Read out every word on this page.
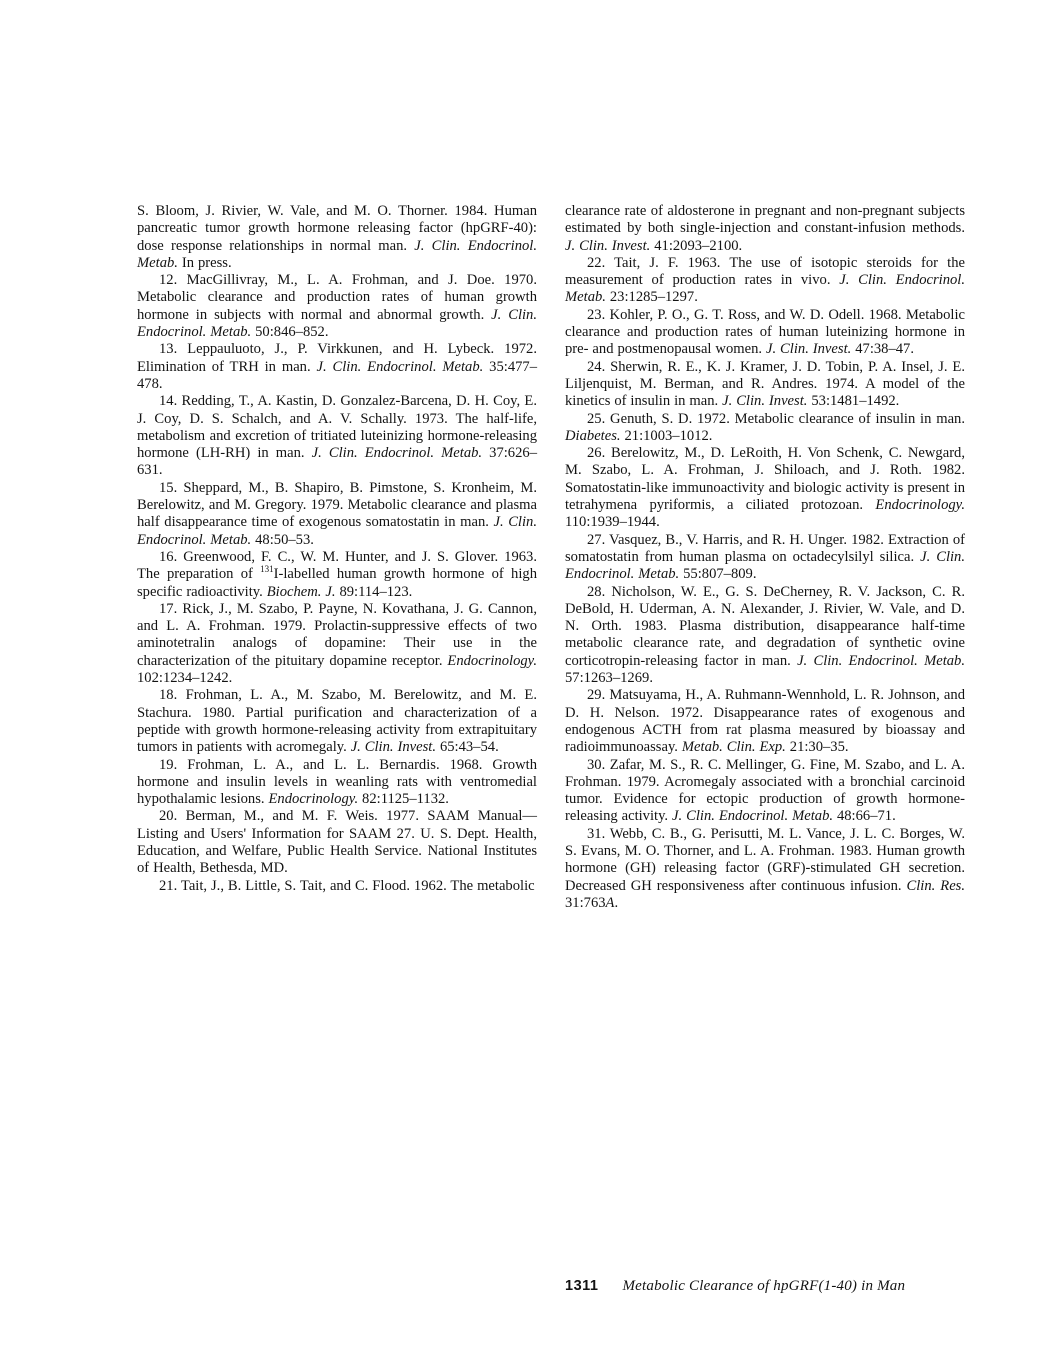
S. Bloom, J. Rivier, W. Vale, and M. O. Thorner. 1984. Human pancreatic tumor growth hormone releasing factor (hpGRF-40): dose response relationships in normal man. J. Clin. Endocrinol. Metab. In press.

12. MacGillivray, M., L. A. Frohman, and J. Doe. 1970. Metabolic clearance and production rates of human growth hormone in subjects with normal and abnormal growth. J. Clin. Endocrinol. Metab. 50:846–852.

13. Leppauluoto, J., P. Virkkunen, and H. Lybeck. 1972. Elimination of TRH in man. J. Clin. Endocrinol. Metab. 35:477–478.

14. Redding, T., A. Kastin, D. Gonzalez-Barcena, D. H. Coy, E. J. Coy, D. S. Schalch, and A. V. Schally. 1973. The half-life, metabolism and excretion of tritiated luteinizing hormone-releasing hormone (LH-RH) in man. J. Clin. Endocrinol. Metab. 37:626–631.

15. Sheppard, M., B. Shapiro, B. Pimstone, S. Kronheim, M. Berelowitz, and M. Gregory. 1979. Metabolic clearance and plasma half disappearance time of exogenous somatostatin in man. J. Clin. Endocrinol. Metab. 48:50–53.

16. Greenwood, F. C., W. M. Hunter, and J. S. Glover. 1963. The preparation of $^{131}$I-labelled human growth hormone of high specific radioactivity. Biochem. J. 89:114–123.

17. Rick, J., M. Szabo, P. Payne, N. Kovathana, J. G. Cannon, and L. A. Frohman. 1979. Prolactin-suppressive effects of two aminotetralin analogs of dopamine: Their use in the characterization of the pituitary dopamine receptor. Endocrinology. 102:1234–1242.

18. Frohman, L. A., M. Szabo, M. Berelowitz, and M. E. Stachura. 1980. Partial purification and characterization of a peptide with growth hormone-releasing activity from extrapituitary tumors in patients with acromegaly. J. Clin. Invest. 65:43–54.

19. Frohman, L. A., and L. L. Bernardis. 1968. Growth hormone and insulin levels in weanling rats with ventromedial hypothalamic lesions. Endocrinology. 82:1125–1132.

20. Berman, M., and M. F. Weis. 1977. SAAM Manual—Listing and Users' Information for SAAM 27. U. S. Dept. Health, Education, and Welfare, Public Health Service. National Institutes of Health, Bethesda, MD.

21. Tait, J., B. Little, S. Tait, and C. Flood. 1962. The metabolic

clearance rate of aldosterone in pregnant and non-pregnant subjects estimated by both single-injection and constant-infusion methods. J. Clin. Invest. 41:2093–2100.

22. Tait, J. F. 1963. The use of isotopic steroids for the measurement of production rates in vivo. J. Clin. Endocrinol. Metab. 23:1285–1297.

23. Kohler, P. O., G. T. Ross, and W. D. Odell. 1968. Metabolic clearance and production rates of human luteinizing hormone in pre- and postmenopausal women. J. Clin. Invest. 47:38–47.

24. Sherwin, R. E., K. J. Kramer, J. D. Tobin, P. A. Insel, J. E. Liljenquist, M. Berman, and R. Andres. 1974. A model of the kinetics of insulin in man. J. Clin. Invest. 53:1481–1492.

25. Genuth, S. D. 1972. Metabolic clearance of insulin in man. Diabetes. 21:1003–1012.

26. Berelowitz, M., D. LeRoith, H. Von Schenk, C. Newgard, M. Szabo, L. A. Frohman, J. Shiloach, and J. Roth. 1982. Somatostatin-like immunoactivity and biologic activity is present in tetrahymena pyriformis, a ciliated protozoan. Endocrinology. 110:1939–1944.

27. Vasquez, B., V. Harris, and R. H. Unger. 1982. Extraction of somatostatin from human plasma on octadecylsilyl silica. J. Clin. Endocrinol. Metab. 55:807–809.

28. Nicholson, W. E., G. S. DeCherney, R. V. Jackson, C. R. DeBold, H. Uderman, A. N. Alexander, J. Rivier, W. Vale, and D. N. Orth. 1983. Plasma distribution, disappearance half-time metabolic clearance rate, and degradation of synthetic ovine corticotropin-releasing factor in man. J. Clin. Endocrinol. Metab. 57:1263–1269.

29. Matsuyama, H., A. Ruhmann-Wennhold, L. R. Johnson, and D. H. Nelson. 1972. Disappearance rates of exogenous and endogenous ACTH from rat plasma measured by bioassay and radioimmunoassay. Metab. Clin. Exp. 21:30–35.

30. Zafar, M. S., R. C. Mellinger, G. Fine, M. Szabo, and L. A. Frohman. 1979. Acromegaly associated with a bronchial carcinoid tumor. Evidence for ectopic production of growth hormone-releasing activity. J. Clin. Endocrinol. Metab. 48:66–71.

31. Webb, C. B., G. Perisutti, M. L. Vance, J. L. C. Borges, W. S. Evans, M. O. Thorner, and L. A. Frohman. 1983. Human growth hormone (GH) releasing factor (GRF)-stimulated GH secretion. Decreased GH responsiveness after continuous infusion. Clin. Res. 31:763A.

1311 Metabolic Clearance of hpGRF(1-40) in Man
